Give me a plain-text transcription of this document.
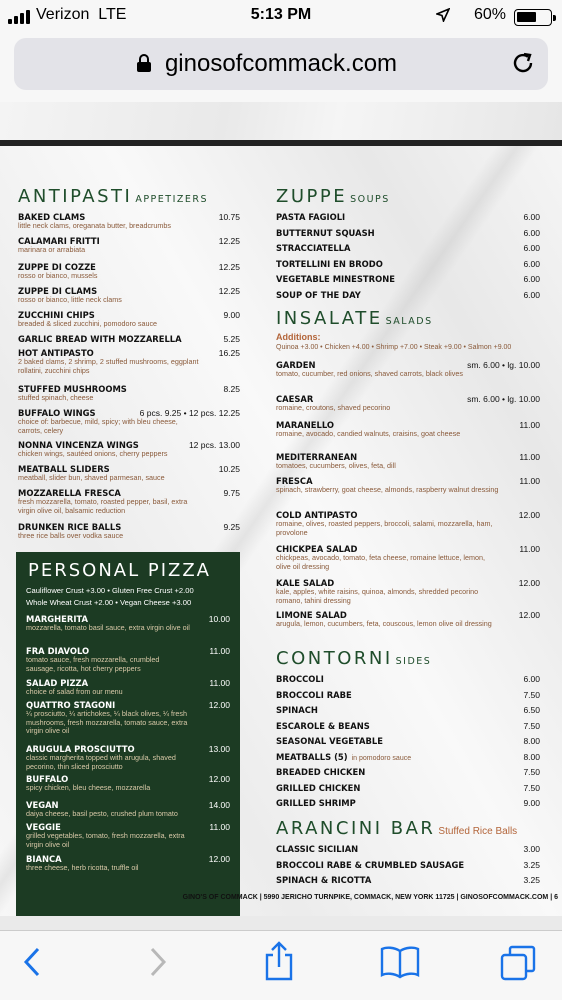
Verizon LTE	5:13 PM	60%
ginosofcommack.com
ANTIPASTI APPETIZERS
BAKED CLAMS	10.75
little neck clams, oreganata butter, breadcrumbs
CALAMARI FRITTI	12.25
marinara or arrabiata
ZUPPE DI COZZE	12.25
rosso or bianco, mussels
ZUPPE DI CLAMS	12.25
rosso or bianco, little neck clams
ZUCCHINI CHIPS	9.00
breaded & sliced zucchini, pomodoro sauce
GARLIC BREAD WITH MOZZARELLA	5.25
HOT ANTIPASTO	16.25
2 baked clams, 2 shrimp, 2 stuffed mushrooms, eggplant rollatini, zucchini chips
STUFFED MUSHROOMS	8.25
stuffed spinach, cheese
BUFFALO WINGS	6 pcs. 9.25 • 12 pcs. 12.25
choice of: barbecue, mild, spicy; with bleu cheese, carrots, celery
NONNA VINCENZA WINGS	12 pcs. 13.00
chicken wings, sautéed onions, cherry peppers
MEATBALL SLIDERS	10.25
meatball, slider bun, shaved parmesan, sauce
MOZZARELLA FRESCA	9.75
fresh mozzarella, tomato, roasted pepper, basil, extra virgin olive oil, balsamic reduction
DRUNKEN RICE BALLS	9.25
three rice balls over vodka sauce
PERSONAL PIZZA
Cauliflower Crust +3.00 • Gluten Free Crust +2.00
Whole Wheat Crust +2.00 • Vegan Cheese +3.00
MARGHERITA	10.00
mozzarella, tomato basil sauce, extra virgin olive oil
FRA DIAVOLO	11.00
tomato sauce, fresh mozzarella, crumbled sausage, ricotta, hot cherry peppers
SALAD PIZZA	11.00
choice of salad from our menu
QUATTRO STAGONI	12.00
¼ prosciutto, ¼ artichokes, ¼ black olives, ¼ fresh mushrooms, fresh mozzarella, tomato sauce, extra virgin olive oil
ARUGULA PROSCIUTTO	13.00
classic margherita topped with arugula, shaved pecorino, thin sliced prosciutto
BUFFALO	12.00
spicy chicken, bleu cheese, mozzarella
VEGAN	14.00
daiya cheese, basil pesto, crushed plum tomato
VEGGIE	11.00
grilled vegetables, tomato, fresh mozzarella, extra virgin olive oil
BIANCA	12.00
three cheese, herb ricotta, truffle oil
ZUPPE SOUPS
PASTA FAGIOLI	6.00
BUTTERNUT SQUASH	6.00
STRACCIATELLA	6.00
TORTELLINI EN BRODO	6.00
VEGETABLE MINESTRONE	6.00
SOUP OF THE DAY	6.00
INSALATE SALADS
Additions:
Quinoa +3.00 • Chicken +4.00 • Shrimp +7.00 • Steak +9.00 • Salmon +9.00
GARDEN	sm. 6.00 • lg. 10.00
tomato, cucumber, red onions, shaved carrots, black olives
CAESAR	sm. 6.00 • lg. 10.00
romaine, croutons, shaved pecorino
MARANELLO	11.00
romaine, avocado, candied walnuts, craisins, goat cheese
MEDITERRANEAN	11.00
tomatoes, cucumbers, olives, feta, dill
FRESCA	11.00
spinach, strawberry, goat cheese, almonds, raspberry walnut dressing
COLD ANTIPASTO	12.00
romaine, olives, roasted peppers, broccoli, salami, mozzarella, ham, provolone
CHICKPEA SALAD	11.00
chickpeas, avocado, tomato, feta cheese, romaine lettuce, lemon, olive oil dressing
KALE SALAD	12.00
kale, apples, white raisins, quinoa, almonds, shredded pecorino romano, tahini dressing
LIMONE SALAD	12.00
arugula, lemon, cucumbers, feta, couscous, lemon olive oil dressing
CONTORNI SIDES
BROCCOLI	6.00
BROCCOLI RABE	7.50
SPINACH	6.50
ESCAROLE & BEANS	7.50
SEASONAL VEGETABLE	8.00
MEATBALLS (5) in pomodoro sauce	8.00
BREADED CHICKEN	7.50
GRILLED CHICKEN	7.50
GRILLED SHRIMP	9.00
ARANCINI BAR Stuffed Rice Balls
CLASSIC SICILIAN	3.00
BROCCOLI RABE & CRUMBLED SAUSAGE	3.25
SPINACH & RICOTTA	3.25
GINO'S OF COMMACK | 5990 JERICHO TURNPIKE, COMMACK, NEW YORK 11725 | GINOSOFCOMMACK.COM | 6
